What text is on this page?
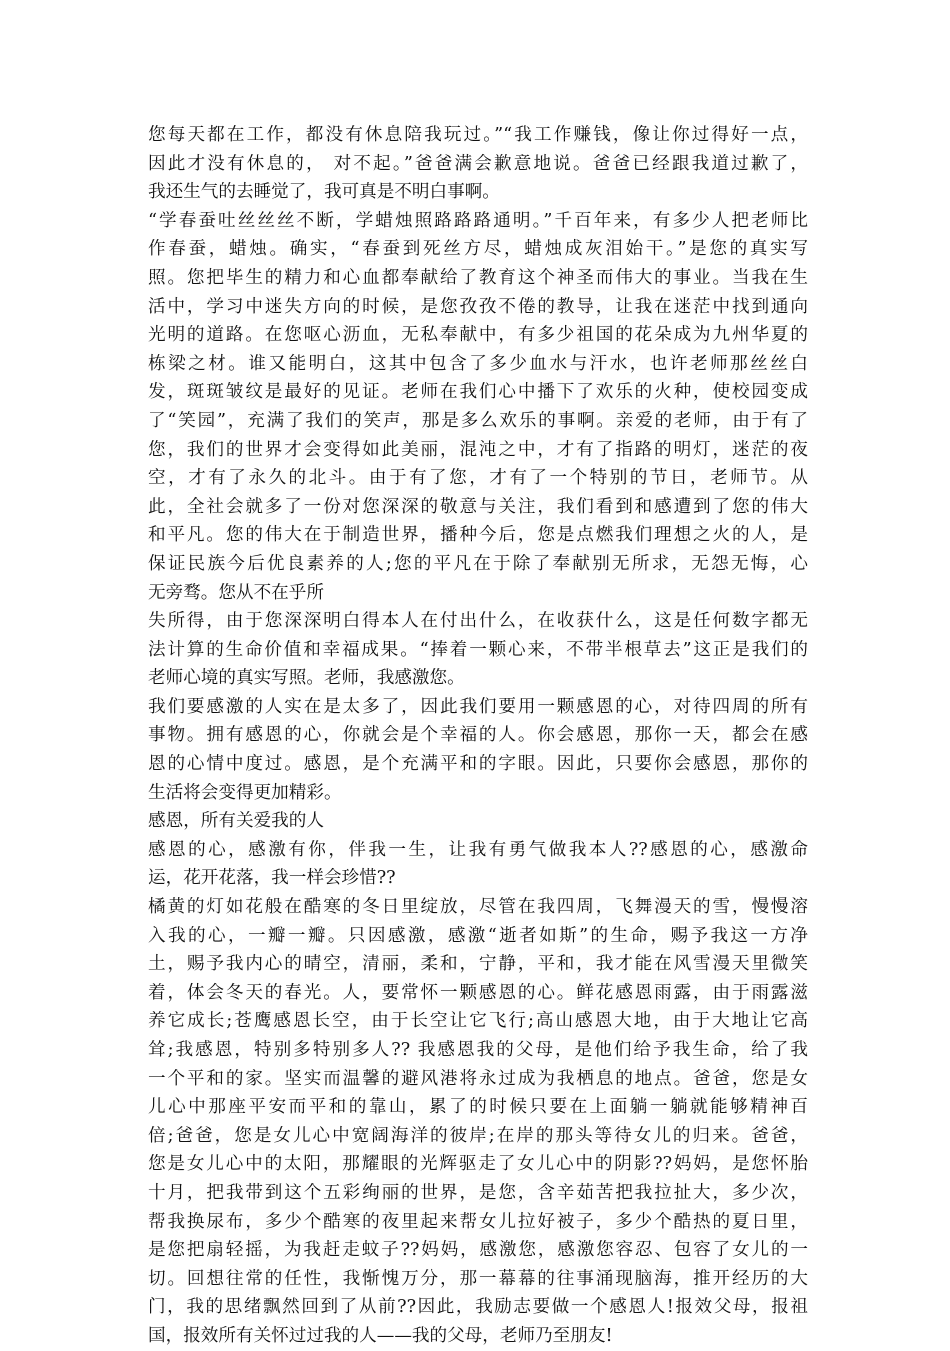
您每天都在工作，都没有休息陪我玩过。”“我工作赚钱，像让你过得好一点，
因此才没有休息的， 对不起。”爸爸满会歉意地说。爸爸已经跟我道过歉了，
我还生气的去睡觉了，我可真是不明白事啊。
“学春蚕吐丝丝丝不断，学蜡烛照路路路通明。”千百年来，有多少人把老师比
作春蚕，蜡烛。确实，“春蚕到死丝方尽，蜡烛成灰泪始干。”是您的真实写
照。您把毕生的精力和心血都奉献给了教育这个神圣而伟大的事业。当我在生
活中，学习中迷失方向的时候，是您孜孜不倦的教导，让我在迷茫中找到通向
光明的道路。在您呕心沥血，无私奉献中，有多少祖国的花朵成为九州华夏的
栋梁之材。谁又能明白，这其中包含了多少血水与汗水，也许老师那丝丝白
发，斑斑皱纹是最好的见证。老师在我们心中播下了欢乐的火种，使校园变成
了“笑园”，充满了我们的笑声，那是多么欢乐的事啊。亲爱的老师，由于有了
您，我们的世界才会变得如此美丽，混沌之中，才有了指路的明灯，迷茫的夜
空，才有了永久的北斗。由于有了您，才有了一个特别的节日，老师节。从
此，全社会就多了一份对您深深的敬意与关注，我们看到和感遭到了您的伟大
和平凡。您的伟大在于制造世界，播种今后，您是点燃我们理想之火的人，是
保证民族今后优良素养的人;您的平凡在于除了奉献别无所求，无怨无悔，心
无旁骛。您从不在乎所
失所得，由于您深深明白得本人在付出什么，在收获什么，这是任何数字都无
法计算的生命价值和幸福成果。“捧着一颗心来，不带半根草去”这正是我们的
老师心境的真实写照。老师，我感激您。
我们要感激的人实在是太多了，因此我们要用一颗感恩的心，对待四周的所有
事物。拥有感恩的心，你就会是个幸福的人。你会感恩，那你一天，都会在感
恩的心情中度过。感恩，是个充满平和的字眼。因此，只要你会感恩，那你的
生活将会变得更加精彩。
感恩，所有关爱我的人
感恩的心，感激有你，伴我一生，让我有勇气做我本人??感恩的心，感激命
运，花开花落，我一样会珍惜??
橘黄的灯如花般在酷寒的冬日里绽放，尽管在我四周，飞舞漫天的雪，慢慢溶
入我的心，一瓣一瓣。只因感激，感激“逝者如斯”的生命，赐予我这一方净
土，赐予我内心的晴空，清丽，柔和，宁静，平和，我才能在风雪漫天里微笑
着，体会冬天的春光。人，要常怀一颗感恩的心。鲜花感恩雨露，由于雨露滋
养它成长;苍鹰感恩长空，由于长空让它飞行;高山感恩大地，由于大地让它高
耸;我感恩，特别多特别多人?? 我感恩我的父母，是他们给予我生命，给了我
一个平和的家。坚实而温馨的避风港将永过成为我栖息的地点。爸爸，您是女
儿心中那座平安而平和的靠山，累了的时候只要在上面躺一躺就能够精神百
倍;爸爸，您是女儿心中宽阔海洋的彼岸;在岸的那头等待女儿的归来。爸爸，
您是女儿心中的太阳，那耀眼的光辉驱走了女儿心中的阴影??妈妈，是您怀胎
十月，把我带到这个五彩绚丽的世界，是您，含辛茹苦把我拉扯大，多少次，
帮我换尿布，多少个酷寒的夜里起来帮女儿拉好被子，多少个酷热的夏日里，
是您把扇轻摇，为我赶走蚊子??妈妈，感激您，感激您容忍、包容了女儿的一
切。回想往常的任性，我惭愧万分，那一幕幕的往事涌现脑海，推开经历的大
门，我的思绪飘然回到了从前??因此，我励志要做一个感恩人!报效父母，报祖
国，报效所有关怀过过我的人——我的父母，老师乃至朋友!
